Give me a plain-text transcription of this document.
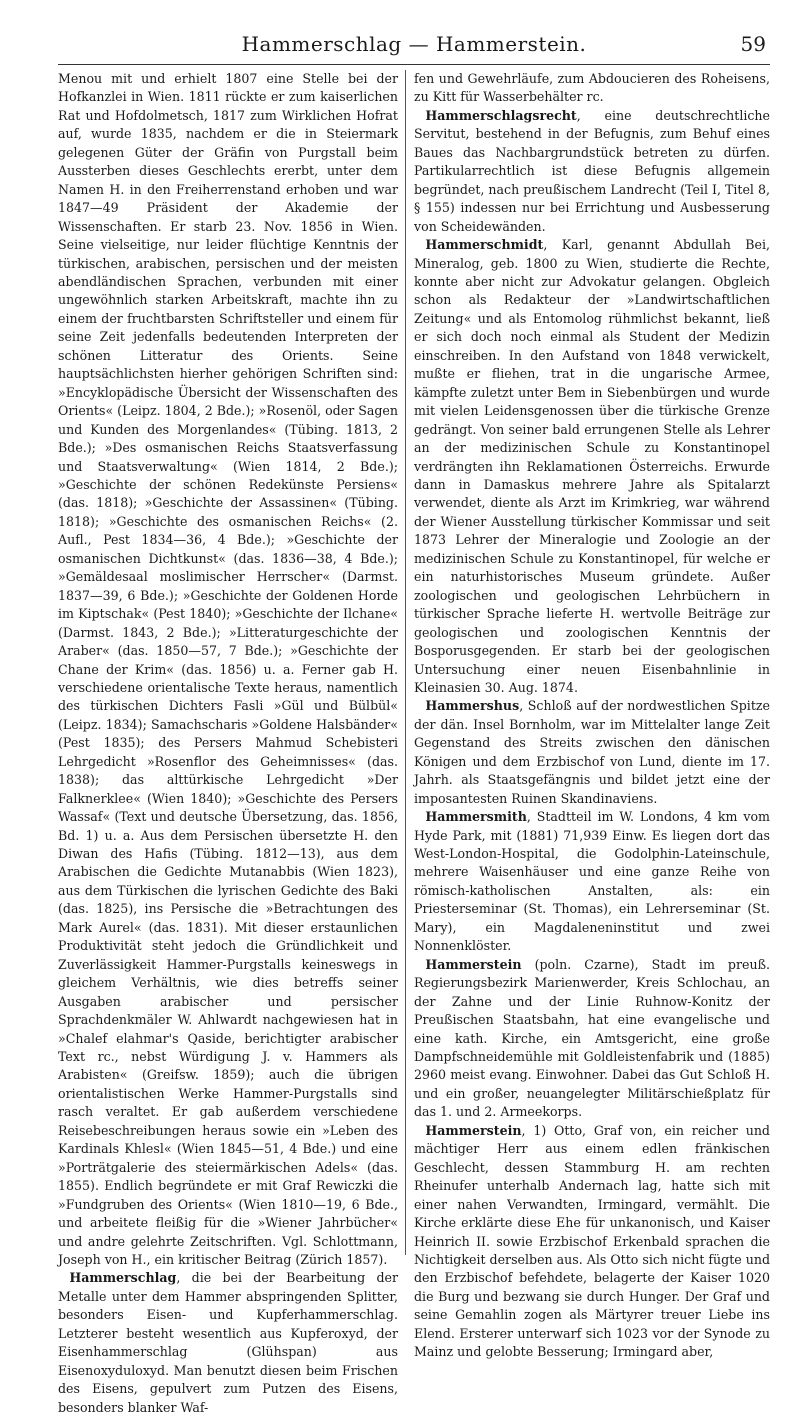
Hammerschlag — Hammerstein.	59

Menou mit und erhielt 1807 eine Stelle bei der Hofkanzlei in Wien. 1811 rückte er zum kaiserlichen Rat und Hofdolmetsch, 1817 zum Wirklichen Hofrat auf, wurde 1835, nachdem er die in Steiermark gelegenen Güter der Gräfin von Purgstall beim Aussterben dieses Geschlechts ererbt, unter dem Namen H. in den Freiherrenstand erhoben und war 1847—49 Präsident der Akademie der Wissenschaften. Er starb 23. Nov. 1856 in Wien. Seine vielseitige, nur leider flüchtige Kenntnis der türkischen, arabischen, persischen und der meisten abendländischen Sprachen, verbunden mit einer ungewöhnlich starken Arbeitskraft, machte ihn zu einem der fruchtbarsten Schriftsteller und einem für seine Zeit jedenfalls bedeutenden Interpreten der schönen Litteratur des Orients. Seine hauptsächlichsten hierher gehörigen Schriften sind: »Encyklopädische Übersicht der Wissenschaften des Orients« (Leipz. 1804, 2 Bde.); »Rosenöl, oder Sagen und Kunden des Morgenlandes« (Tübing. 1813, 2 Bde.); »Des osmanischen Reichs Staatsverfassung und Staatsverwaltung« (Wien 1814, 2 Bde.); »Geschichte der schönen Redekünste Persiens« (das. 1818); »Geschichte der Assassinen« (Tübing. 1818); »Geschichte des osmanischen Reichs« (2. Aufl., Pest 1834—36, 4 Bde.); »Geschichte der osmanischen Dichtkunst« (das. 1836—38, 4 Bde.); »Gemäldesaal moslimischer Herrscher« (Darmst. 1837—39, 6 Bde.); »Geschichte der Goldenen Horde im Kiptschak« (Pest 1840); »Geschichte der Ilchane« (Darmst. 1843, 2 Bde.); »Litteraturgeschichte der Araber« (das. 1850—57, 7 Bde.); »Geschichte der Chane der Krim« (das. 1856) u. a. Ferner gab H. verschiedene orientalische Texte heraus, namentlich des türkischen Dichters Fasli »Gül und Bülbül« (Leipz. 1834); Samachscharis »Goldene Halsbänder« (Pest 1835); des Persers Mahmud Schebisteri Lehrgedicht »Rosenflor des Geheimnisses« (das. 1838); das alttürkische Lehrgedicht »Der Falknerklee« (Wien 1840); »Geschichte des Persers Wassaf« (Text und deutsche Übersetzung, das. 1856, Bd. 1) u. a. Aus dem Persischen übersetzte H. den Diwan des Hafis (Tübing. 1812—13), aus dem Arabischen die Gedichte Mutanabbis (Wien 1823), aus dem Türkischen die lyrischen Gedichte des Baki (das. 1825), ins Persische die »Betrachtungen des Mark Aurel« (das. 1831). Mit dieser erstaunlichen Produktivität steht jedoch die Gründlichkeit und Zuverlässigkeit Hammer-Purgstalls keineswegs in gleichem Verhältnis, wie dies betreffs seiner Ausgaben arabischer und persischer Sprachdenkmäler W. Ahlwardt nachgewiesen hat in »Chalef elahmar's Qaside, berichtigter arabischer Text rc., nebst Würdigung J. v. Hammers als Arabisten« (Greifsw. 1859); auch die übrigen orientalistischen Werke Hammer-Purgstalls sind rasch veraltet. Er gab außerdem verschiedene Reisebeschreibungen heraus sowie ein »Leben des Kardinals Khlesl« (Wien 1845—51, 4 Bde.) und eine »Porträtgalerie des steiermärkischen Adels« (das. 1855). Endlich begründete er mit Graf Rewiczki die »Fundgruben des Orients« (Wien 1810—19, 6 Bde., und arbeitete fleißig für die »Wiener Jahrbücher« und andre gelehrte Zeitschriften. Vgl. Schlottmann, Joseph von H., ein kritischer Beitrag (Zürich 1857).

Hammerschlag, die bei der Bearbeitung der Metalle unter dem Hammer abspringenden Splitter, besonders Eisen- und Kupferhammerschlag. Letzterer besteht wesentlich aus Kupferoxyd, der Eisenhammerschlag (Glühspan) aus Eisenoxyduloxyd. Man benutzt diesen beim Frischen des Eisens, gepulvert zum Putzen des Eisens, besonders blanker Waf-

fen und Gewehrläufe, zum Abdoucieren des Roheisens, zu Kitt für Wasserbehälter rc.

Hammerschlagsrecht, eine deutschrechtliche Servitut, bestehend in der Befugnis, zum Behuf eines Baues das Nachbargrundstück betreten zu dürfen. Partikularrechtlich ist diese Befugnis allgemein begründet, nach preußischem Landrecht (Teil I, Titel 8, § 155) indessen nur bei Errichtung und Ausbesserung von Scheidewänden.

Hammerschmidt, Karl, genannt Abdullah Bei, Mineralog, geb. 1800 zu Wien, studierte die Rechte, konnte aber nicht zur Advokatur gelangen. Obgleich schon als Redakteur der »Landwirtschaftlichen Zeitung« und als Entomolog rühmlichst bekannt, ließ er sich doch noch einmal als Student der Medizin einschreiben. In den Aufstand von 1848 verwickelt, mußte er fliehen, trat in die ungarische Armee, kämpfte zuletzt unter Bem in Siebenbürgen und wurde mit vielen Leidensgenossen über die türkische Grenze gedrängt. Von seiner bald errungenen Stelle als Lehrer an der medizinischen Schule zu Konstantinopel verdrängten ihn Reklamationen Österreichs. Erwurde dann in Damaskus mehrere Jahre als Spitalarzt verwendet, diente als Arzt im Krimkrieg, war während der Wiener Ausstellung türkischer Kommissar und seit 1873 Lehrer der Mineralogie und Zoologie an der medizinischen Schule zu Konstantinopel, für welche er ein naturhistorisches Museum gründete. Außer zoologischen und geologischen Lehrbüchern in türkischer Sprache lieferte H. wertvolle Beiträge zur geologischen und zoologischen Kenntnis der Bosporusgegenden. Er starb bei der geologischen Untersuchung einer neuen Eisenbahnlinie in Kleinasien 30. Aug. 1874.

Hammershus, Schloß auf der nordwestlichen Spitze der dän. Insel Bornholm, war im Mittelalter lange Zeit Gegenstand des Streits zwischen den dänischen Königen und dem Erzbischof von Lund, diente im 17. Jahrh. als Staatsgefängnis und bildet jetzt eine der imposantesten Ruinen Skandinaviens.

Hammersmith, Stadtteil im W. Londons, 4 km vom Hyde Park, mit (1881) 71,939 Einw. Es liegen dort das West-London-Hospital, die Godolphin-Lateinschule, mehrere Waisenhäuser und eine ganze Reihe von römisch-katholischen Anstalten, als: ein Priesterseminar (St. Thomas), ein Lehrerseminar (St. Mary), ein Magdaleneninstitut und zwei Nonnenklöster.

Hammerstein (poln. Czarne), Stadt im preuß. Regierungsbezirk Marienwerder, Kreis Schlochau, an der Zahne und der Linie Ruhnow-Konitz der Preußischen Staatsbahn, hat eine evangelische und eine kath. Kirche, ein Amtsgericht, eine große Dampfschneidemühle mit Goldleistenfabrik und (1885) 2960 meist evang. Einwohner. Dabei das Gut Schloß H. und ein großer, neuangelegter Militärschießplatz für das 1. und 2. Armeekorps.

Hammerstein, 1) Otto, Graf von, ein reicher und mächtiger Herr aus einem edlen fränkischen Geschlecht, dessen Stammburg H. am rechten Rheinufer unterhalb Andernach lag, hatte sich mit einer nahen Verwandten, Irmingard, vermählt. Die Kirche erklärte diese Ehe für unkanonisch, und Kaiser Heinrich II. sowie Erzbischof Erkenbald sprachen die Nichtigkeit derselben aus. Als Otto sich nicht fügte und den Erzbischof befehdete, belagerte der Kaiser 1020 die Burg und bezwang sie durch Hunger. Der Graf und seine Gemahlin zogen als Märtyrer treuer Liebe ins Elend. Ersterer unterwarf sich 1023 vor der Synode zu Mainz und gelobte Besserung; Irmingard aber,
